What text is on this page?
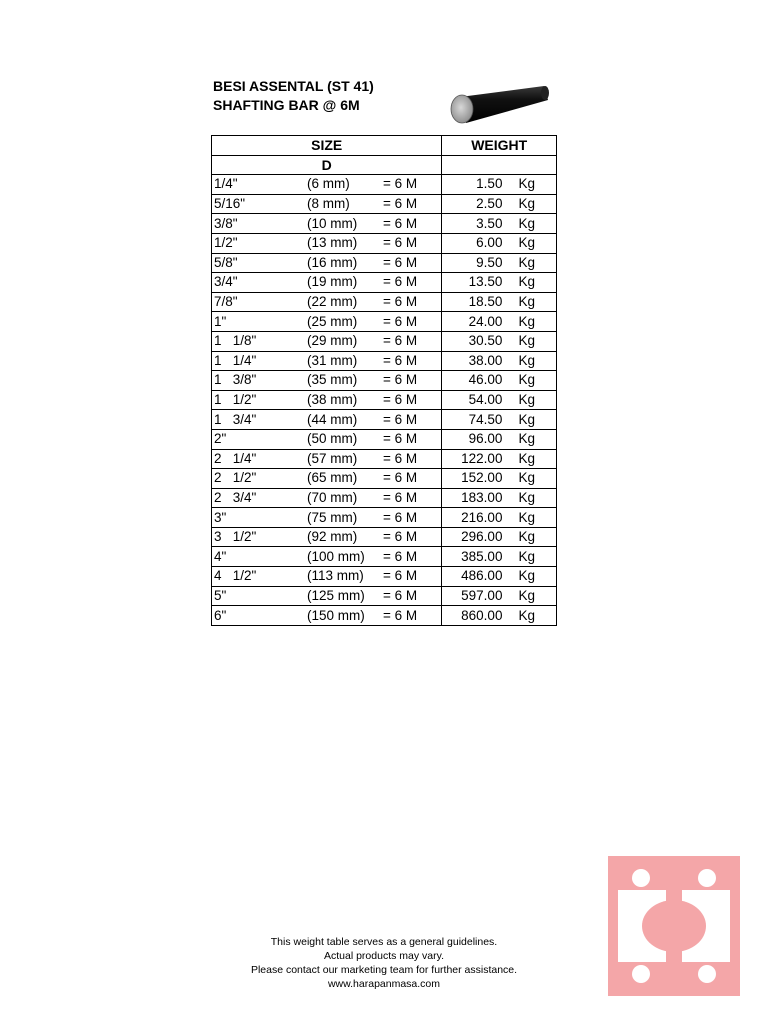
BESI ASSENTAL (ST 41)
SHAFTING BAR @ 6M
SIZE	WEIGHT
D	
1/4" (6 mm) = 6 M	1.50 Kg
5/16" (8 mm) = 6 M	2.50 Kg
3/8" (10 mm) = 6 M	3.50 Kg
1/2" (13 mm) = 6 M	6.00 Kg
5/8" (16 mm) = 6 M	9.50 Kg
3/4" (19 mm) = 6 M	13.50 Kg
7/8" (22 mm) = 6 M	18.50 Kg
1" (25 mm) = 6 M	24.00 Kg
1   1/8" (29 mm) = 6 M	30.50 Kg
1   1/4" (31 mm) = 6 M	38.00 Kg
1   3/8" (35 mm) = 6 M	46.00 Kg
1   1/2" (38 mm) = 6 M	54.00 Kg
1   3/4" (44 mm) = 6 M	74.50 Kg
2" (50 mm) = 6 M	96.00 Kg
2   1/4" (57 mm) = 6 M	122.00 Kg
2   1/2" (65 mm) = 6 M	152.00 Kg
2   3/4" (70 mm) = 6 M	183.00 Kg
3" (75 mm) = 6 M	216.00 Kg
3   1/2" (92 mm) = 6 M	296.00 Kg
4" (100 mm) = 6 M	385.00 Kg
4   1/2" (113 mm) = 6 M	486.00 Kg
5" (125 mm) = 6 M	597.00 Kg
6" (150 mm) = 6 M	860.00 Kg
This weight table serves as a general guidelines.
Actual products may vary.
Please contact our marketing team for further assistance.
www.harapanmasa.com
